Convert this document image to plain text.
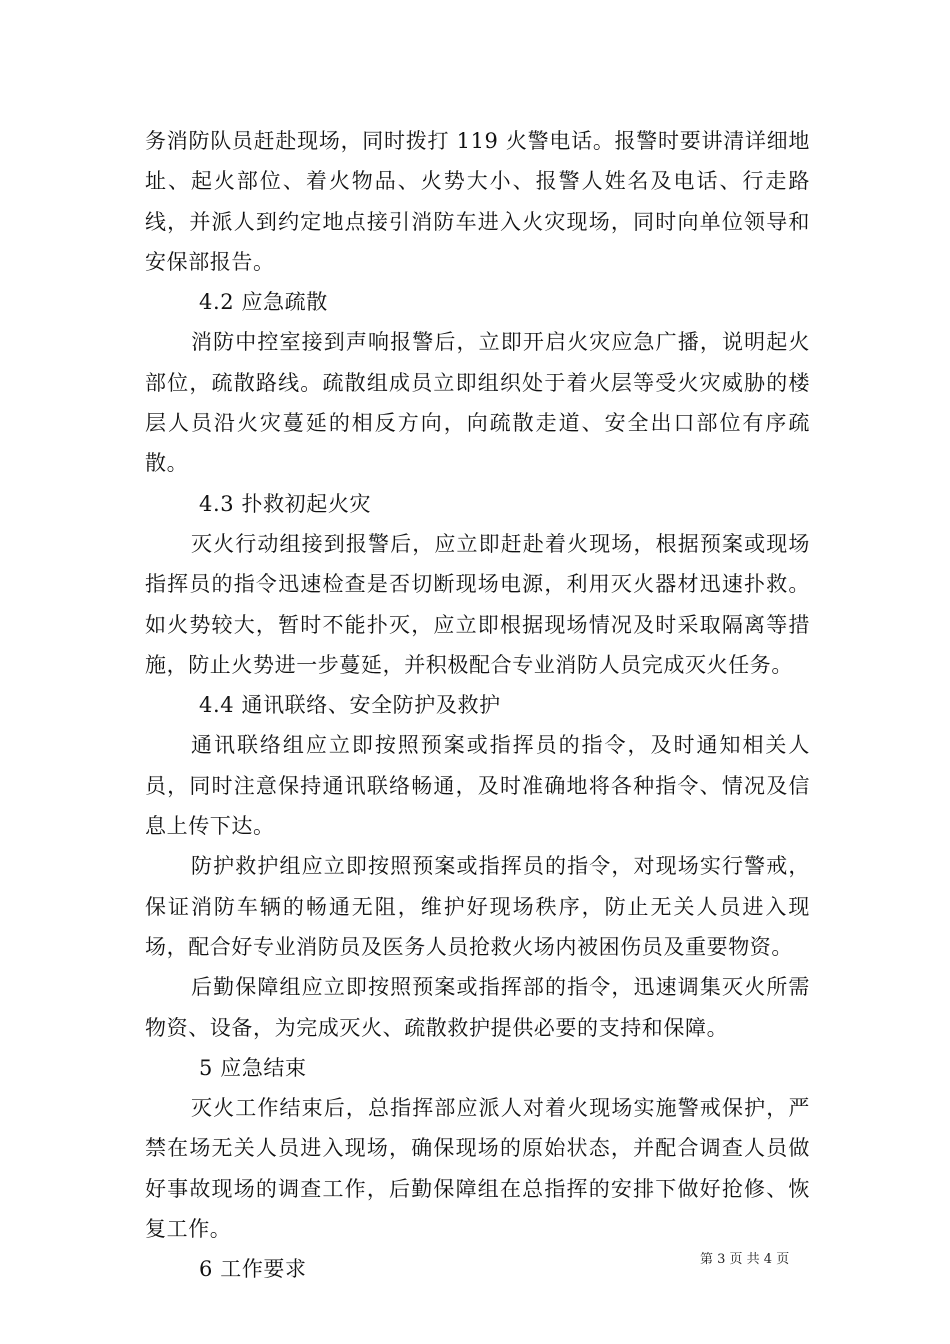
务消防队员赶赴现场，同时拨打 119 火警电话。报警时要讲清详细地址、起火部位、着火物品、火势大小、报警人姓名及电话、行走路线，并派人到约定地点接引消防车进入火灾现场，同时向单位领导和安保部报告。

4.2 应急疏散

消防中控室接到声响报警后，立即开启火灾应急广播，说明起火部位，疏散路线。疏散组成员立即组织处于着火层等受火灾威胁的楼层人员沿火灾蔓延的相反方向，向疏散走道、安全出口部位有序疏散。

4.3 扑救初起火灾

灭火行动组接到报警后，应立即赶赴着火现场，根据预案或现场指挥员的指令迅速检查是否切断现场电源，利用灭火器材迅速扑救。如火势较大，暂时不能扑灭，应立即根据现场情况及时采取隔离等措施，防止火势进一步蔓延，并积极配合专业消防人员完成灭火任务。

4.4 通讯联络、安全防护及救护

通讯联络组应立即按照预案或指挥员的指令，及时通知相关人员，同时注意保持通讯联络畅通，及时准确地将各种指令、情况及信息上传下达。

防护救护组应立即按照预案或指挥员的指令，对现场实行警戒，保证消防车辆的畅通无阻，维护好现场秩序，防止无关人员进入现场，配合好专业消防员及医务人员抢救火场内被困伤员及重要物资。

后勤保障组应立即按照预案或指挥部的指令，迅速调集灭火所需物资、设备，为完成灭火、疏散救护提供必要的支持和保障。

5 应急结束

灭火工作结束后，总指挥部应派人对着火现场实施警戒保护，严禁在场无关人员进入现场，确保现场的原始状态，并配合调查人员做好事故现场的调查工作，后勤保障组在总指挥的安排下做好抢修、恢复工作。

6 工作要求	第 3 页 共 4 页
